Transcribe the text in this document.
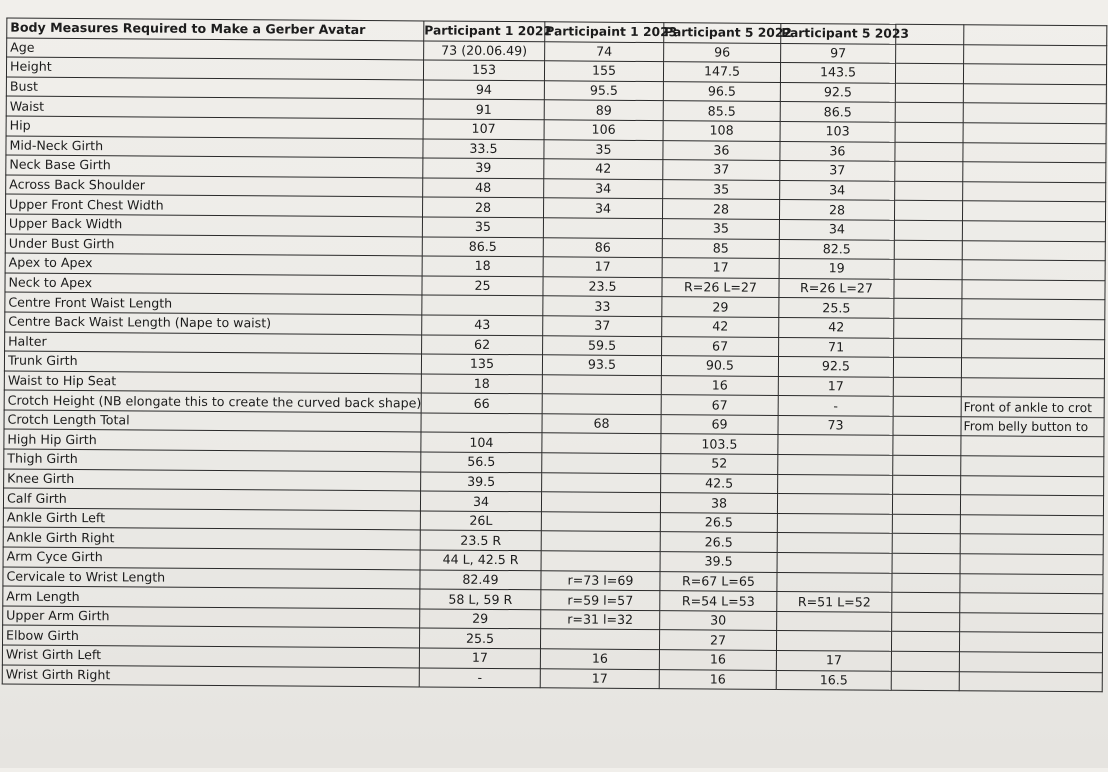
Body Measures Required to Make a Gerber Avatar	Participant 1 2022	Participaint 1 2023	Participant 5 2022	Participant 5 2023		
Age	73 (20.06.49)	74	96	97		
Height	153	155	147.5	143.5		
Bust	94	95.5	96.5	92.5		
Waist	91	89	85.5	86.5		
Hip	107	106	108	103		
Mid-Neck Girth	33.5	35	36	36		
Neck Base Girth	39	42	37	37		
Across Back Shoulder	48	34	35	34		
Upper Front Chest Width	28	34	28	28		
Upper Back Width	35		35	34		
Under Bust Girth	86.5	86	85	82.5		
Apex to Apex	18	17	17	19		
Neck to Apex	25	23.5	R=26 L=27	R=26 L=27		
Centre Front Waist Length		33	29	25.5		
Centre Back Waist Length (Nape to waist)	43	37	42	42		
Halter	62	59.5	67	71		
Trunk Girth	135	93.5	90.5	92.5		
Waist to Hip Seat	18		16	17		
Crotch Height (NB elongate this to create the curved back shape)	66		67	-		Front of ankle to crot
Crotch Length Total		68	69	73		From belly button to
High Hip Girth	104		103.5			
Thigh Girth	56.5		52			
Knee Girth	39.5		42.5			
Calf Girth	34		38			
Ankle Girth Left	26L		26.5			
Ankle Girth Right	23.5 R		26.5			
Arm Cyce Girth	44 L, 42.5 R		39.5			
Cervicale to Wrist Length	82.49	r=73 l=69	R=67 L=65			
Arm Length	58 L, 59 R	r=59 l=57	R=54 L=53	R=51 L=52		
Upper Arm Girth	29	r=31 l=32	30			
Elbow Girth	25.5		27			
Wrist Girth Left	17	16	16	17		
Wrist Girth Right	-	17	16	16.5		
